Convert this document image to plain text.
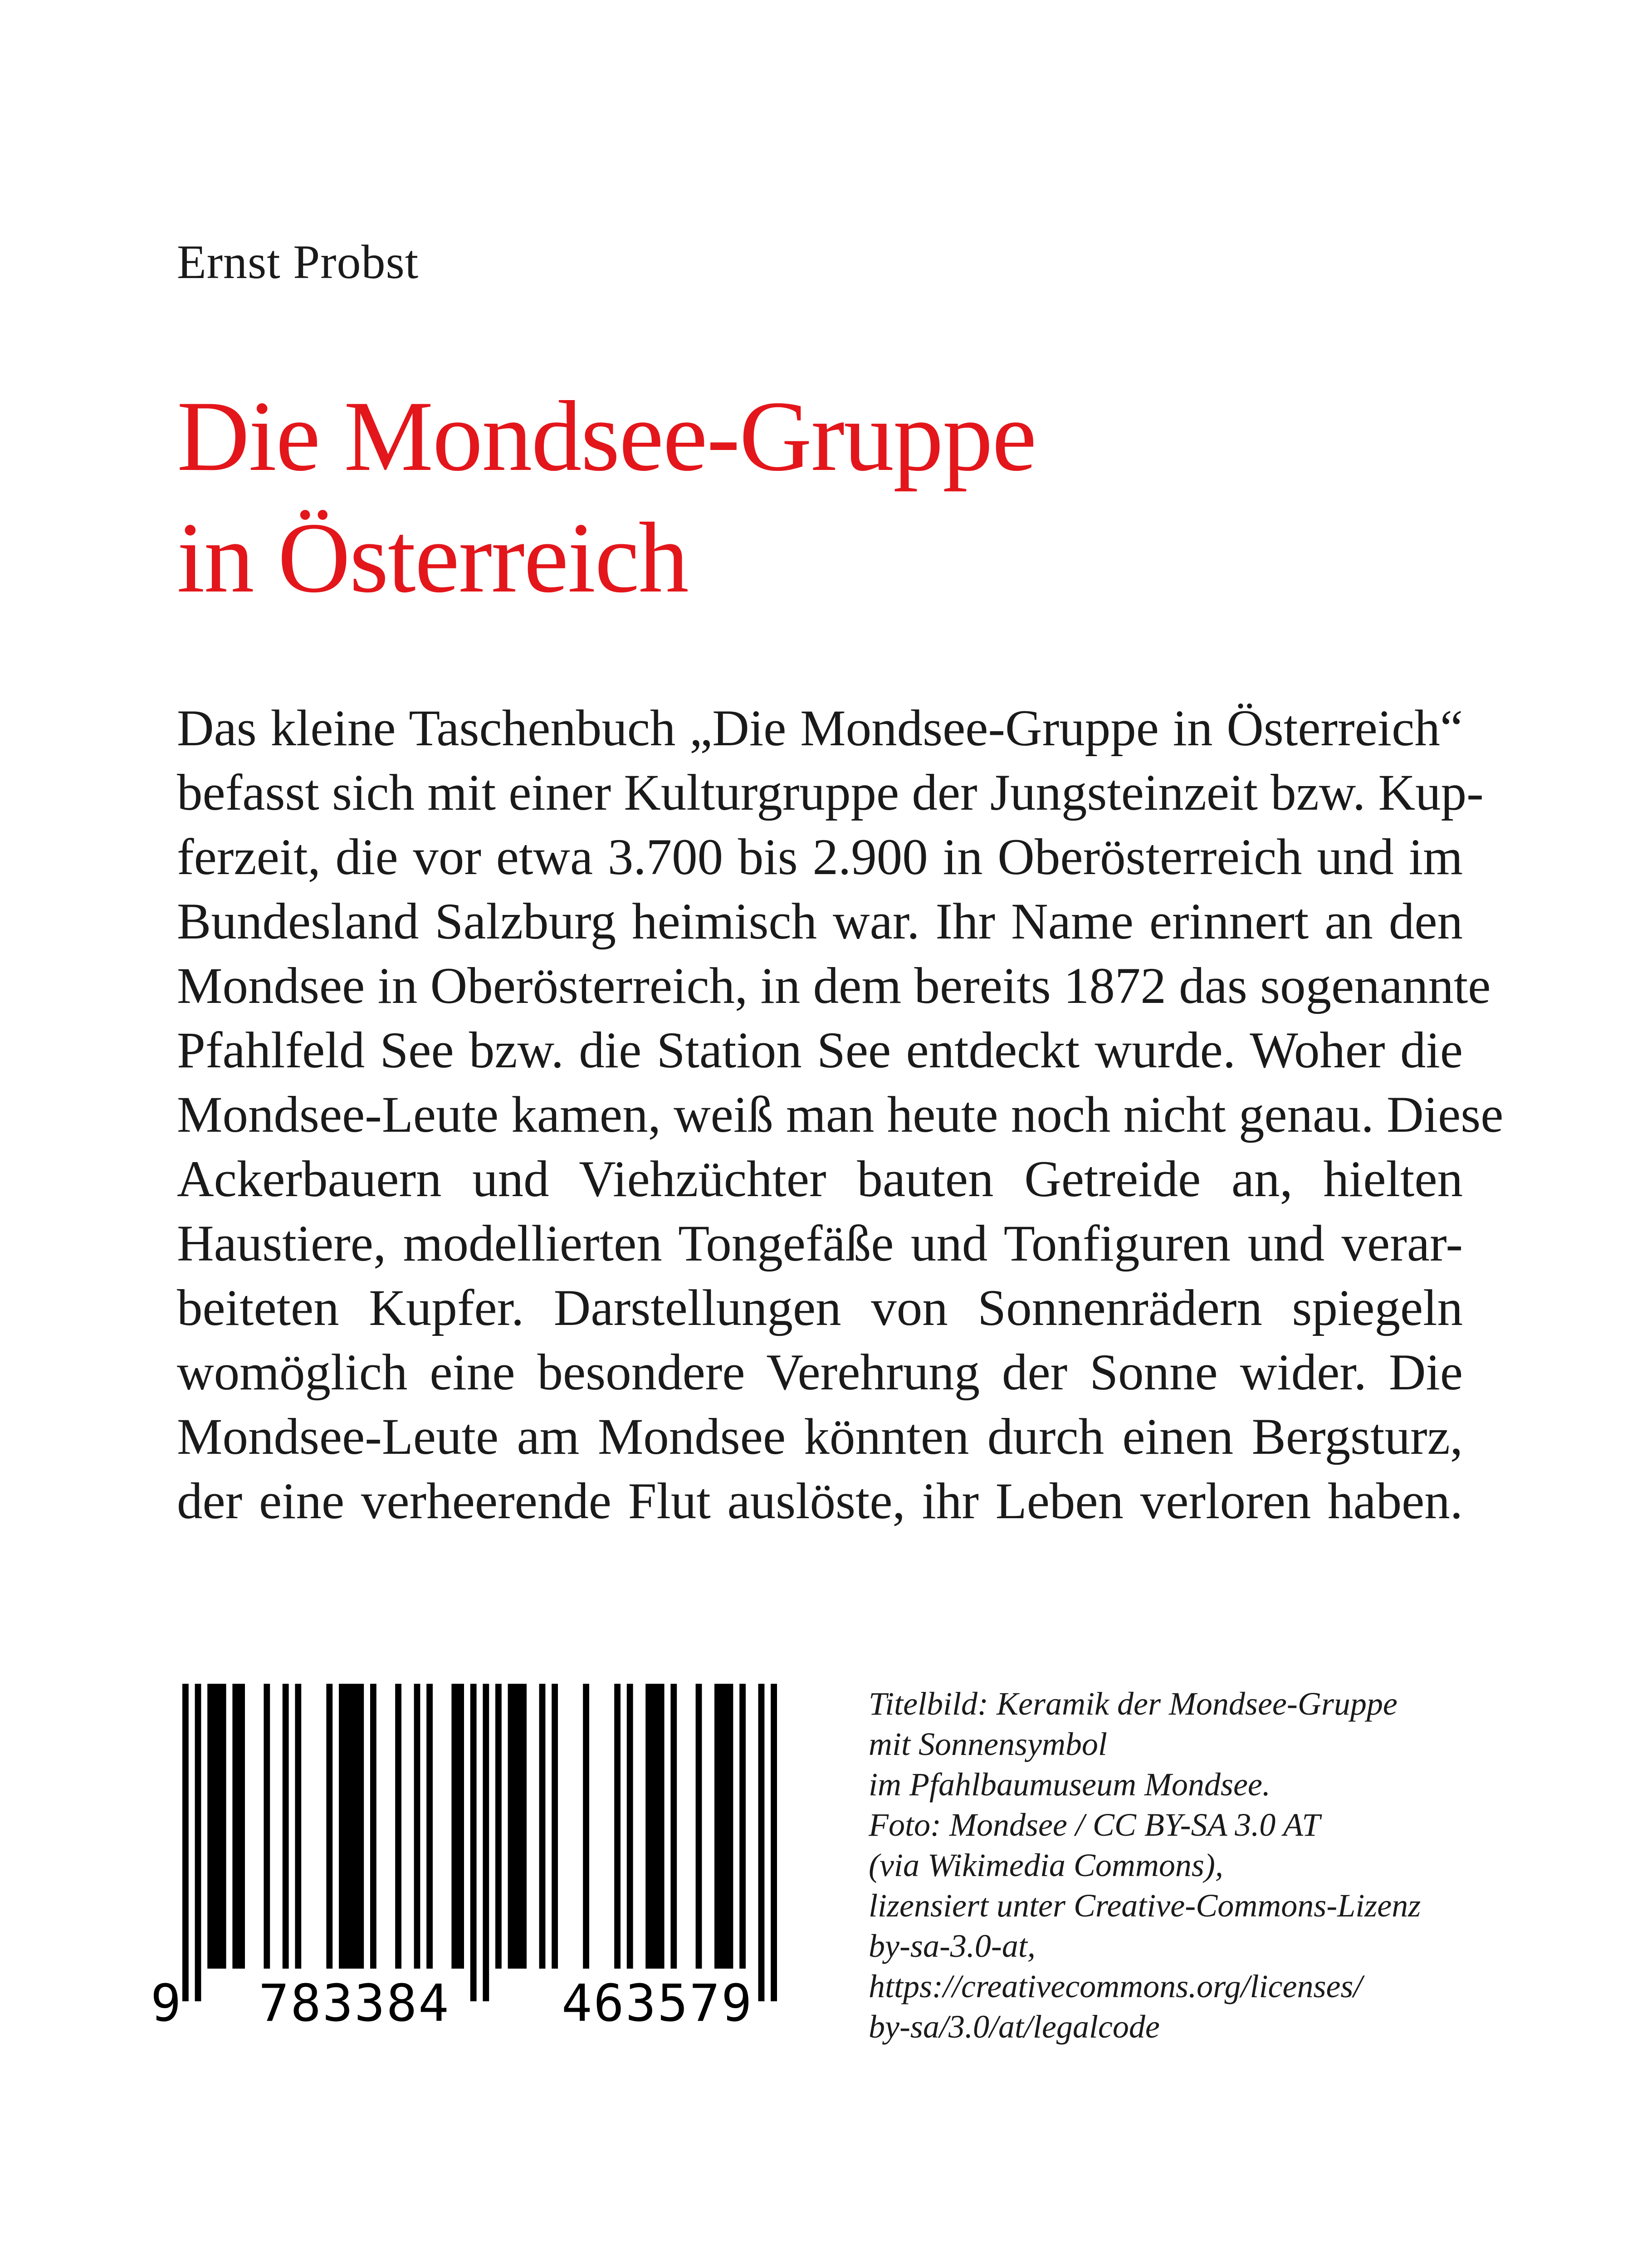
Ernst Probst
Die Mondsee-Gruppe
in Österreich
Das kleine Taschenbuch „Die Mondsee-Gruppe in Österreich“
befasst sich mit einer Kulturgruppe der Jungsteinzeit bzw. Kup-
ferzeit, die vor etwa 3.700 bis 2.900 in Oberösterreich und im
Bundesland Salzburg heimisch war. Ihr Name erinnert an den
Mondsee in Oberösterreich, in dem bereits 1872 das sogenannte
Pfahlfeld See bzw. die Station See entdeckt wurde. Woher die
Mondsee-Leute kamen, weiß man heute noch nicht genau. Diese
Ackerbauern und Viehzüchter bauten Getreide an, hielten
Haustiere, modellierten Tongefäße und Tonfiguren und verar-
beiteten Kupfer. Darstellungen von Sonnenrädern spiegeln
womöglich eine besondere Verehrung der Sonne wider. Die
Mondsee-Leute am Mondsee könnten durch einen Bergsturz,
der eine verheerende Flut auslöste, ihr Leben verloren haben.
9 783384 463579
Titelbild: Keramik der Mondsee-Gruppe
mit Sonnensymbol
im Pfahlbaumuseum Mondsee.
Foto: Mondsee / CC BY-SA 3.0 AT
(via Wikimedia Commons),
lizensiert unter Creative-Commons-Lizenz
by-sa-3.0-at,
https://creativecommons.org/licenses/
by-sa/3.0/at/legalcode
